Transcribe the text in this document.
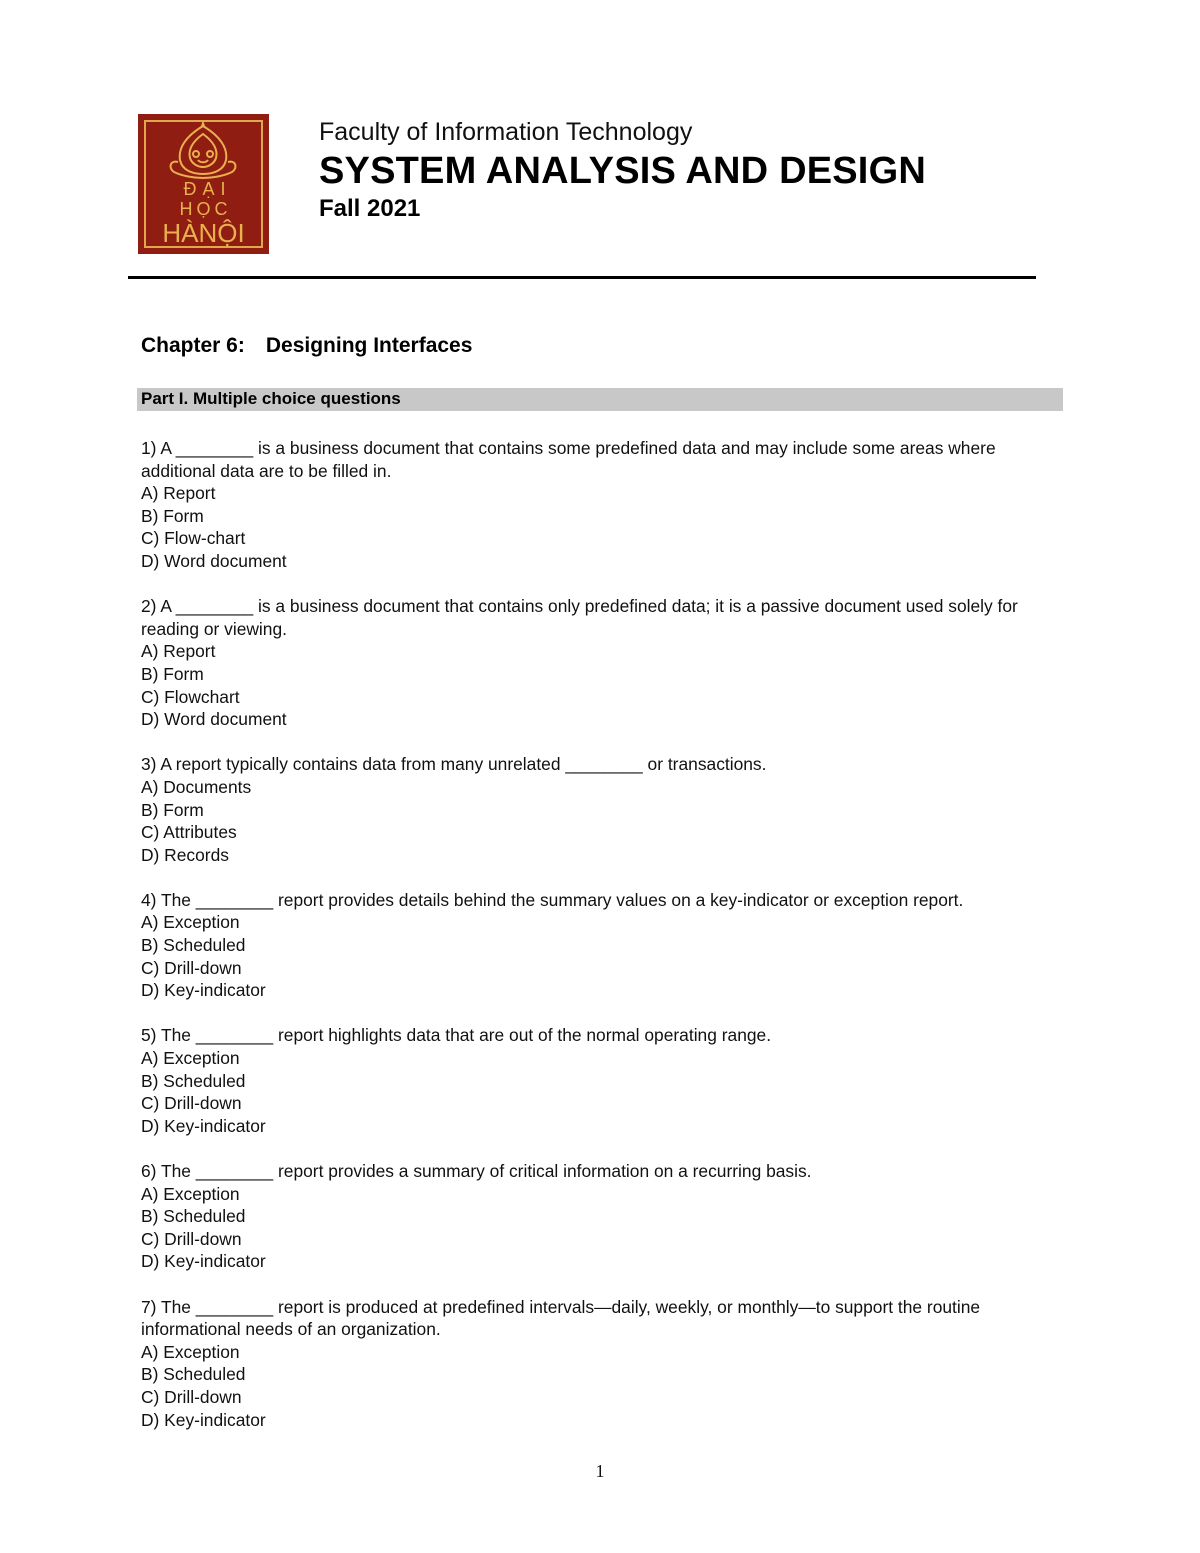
ĐẠI
HỌC
HÀNỘI
Faculty of Information Technology
SYSTEM ANALYSIS AND DESIGN
Fall 2021
Chapter 6: Designing Interfaces
Part I. Multiple choice questions

1) A ________ is a business document that contains some predefined data and may include some areas where additional data are to be filled in.

A) Report
B) Form
C) Flow-chart
D) Word document

2) A ________ is a business document that contains only predefined data; it is a passive document used solely for reading or viewing.

A) Report
B) Form
C) Flowchart
D) Word document

3) A report typically contains data from many unrelated ________ or transactions.

A) Documents
B) Form
C) Attributes
D) Records

4) The ________ report provides details behind the summary values on a key-indicator or exception report.

A) Exception
B) Scheduled
C) Drill-down
D) Key-indicator

5) The ________ report highlights data that are out of the normal operating range.

A) Exception
B) Scheduled
C) Drill-down
D) Key-indicator

6) The ________ report provides a summary of critical information on a recurring basis.

A) Exception
B) Scheduled
C) Drill-down
D) Key-indicator

7) The ________ report is produced at predefined intervals—daily, weekly, or monthly—to support the routine informational needs of an organization.

A) Exception
B) Scheduled
C) Drill-down
D) Key-indicator
1
